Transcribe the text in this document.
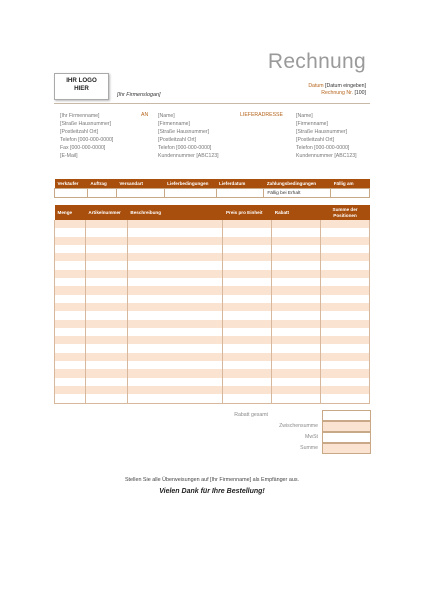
Rechnung
IHR LOGO
HIER
[Ihr Firmenslogan]
Datum [Datum eingeben]
Rechnung Nr. [100]
[Ihr Firmenname]
[Straße Hausnummer]
[Postleitzahl Ort]
Telefon [000-000-0000]
Fax [000-000-0000]
[E-Mail]
AN [Name]
[Firmenname]
[Straße Hausnummer]
[Postleitzahl Ort]
Telefon [000-000-0000]
Kundennummer [ABC123]
LIEFERADRESSE	[Name]
[Firmenname]
[Straße Hausnummer]
[Postleitzahl Ort]
Telefon [000-000-0000]
Kundennummer [ABC123]
Verkäufer	Auftrag	Versandart	Lieferbedingungen	Lieferdatum	Zahlungsbedingungen	Fällig am
					Fällig bei Erhalt	
Menge	Artikelnummer	Beschreibung	Preis pro Einheit	Rabatt	Summe der Positionen

Rabatt gesamt
Zwischensumme
MwSt
Summe
Stellen Sie alle Überweisungen auf [Ihr Firmenname] als Empfänger aus.
Vielen Dank für Ihre Bestellung!
